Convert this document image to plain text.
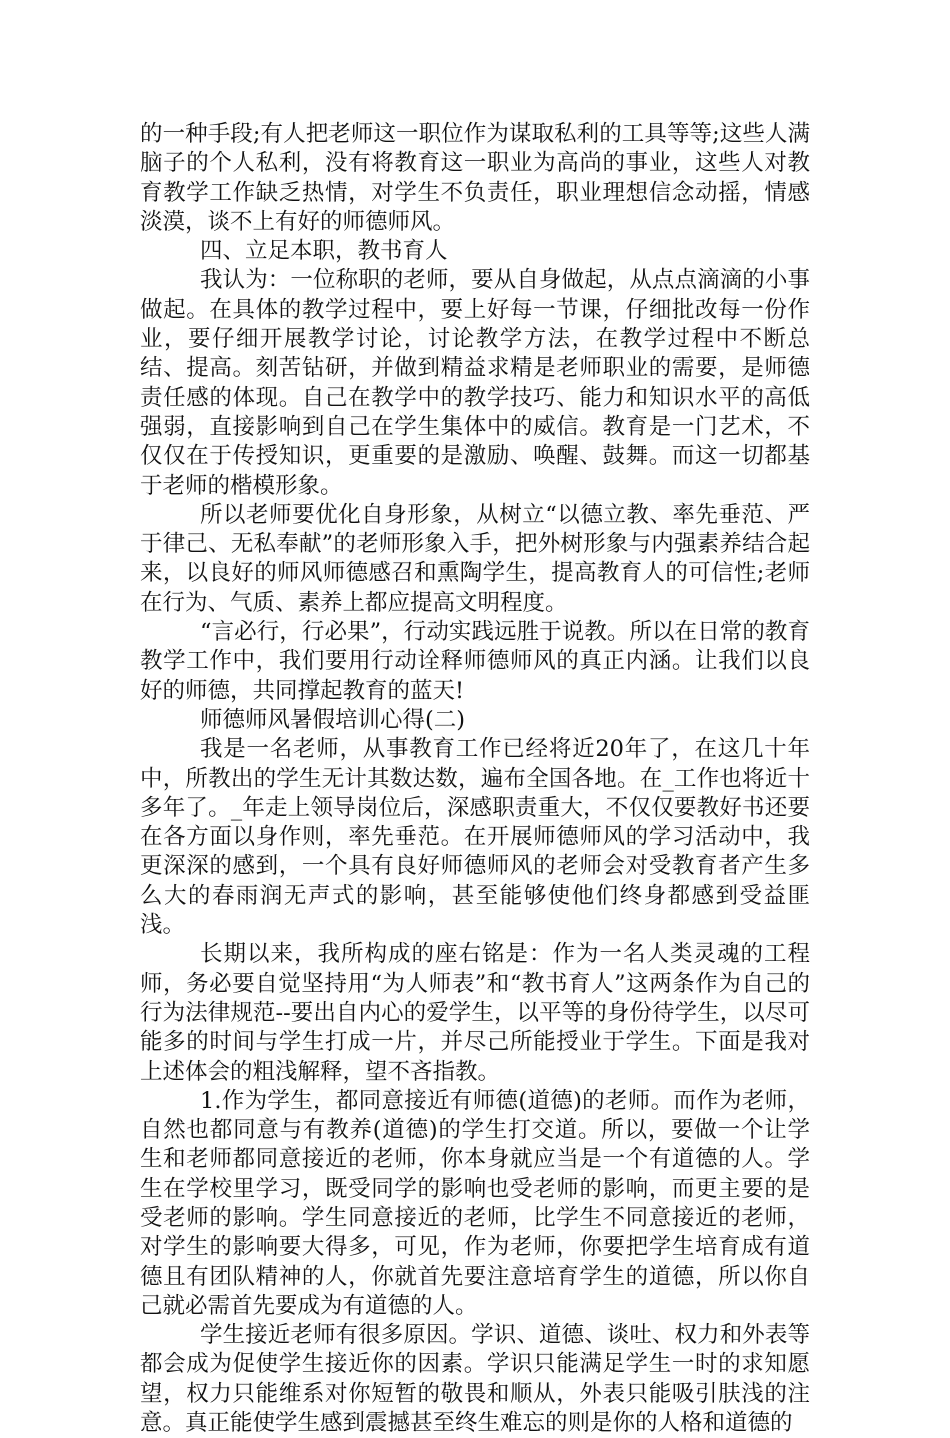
的一种手段;有人把老师这一职位作为谋取私利的工具等等;这些人满脑子的个人私利，没有将教育这一职业为高尚的事业，这些人对教育教学工作缺乏热情，对学生不负责任，职业理想信念动摇，情感淡漠，谈不上有好的师德师风。

四、立足本职，教书育人

我认为：一位称职的老师，要从自身做起，从点点滴滴的小事做起。在具体的教学过程中，要上好每一节课，仔细批改每一份作业，要仔细开展教学讨论，讨论教学方法，在教学过程中不断总结、提高。刻苦钻研，并做到精益求精是老师职业的需要，是师德责任感的体现。自己在教学中的教学技巧、能力和知识水平的高低强弱，直接影响到自己在学生集体中的威信。教育是一门艺术，不仅仅在于传授知识，更重要的是激励、唤醒、鼓舞。而这一切都基于老师的楷模形象。

所以老师要优化自身形象，从树立“以德立教、率先垂范、严于律己、无私奉献”的老师形象入手，把外树形象与内强素养结合起来，以良好的师风师德感召和熏陶学生，提高教育人的可信性;老师在行为、气质、素养上都应提高文明程度。

“言必行，行必果”，行动实践远胜于说教。所以在日常的教育教学工作中，我们要用行动诠释师德师风的真正内涵。让我们以良好的师德，共同撑起教育的蓝天!

师德师风暑假培训心得(二)

我是一名老师，从事教育工作已经将近20年了，在这几十年中，所教出的学生无计其数达数，遍布全国各地。在_工作也将近十多年了。_年走上领导岗位后，深感职责重大，不仅仅要教好书还要在各方面以身作则，率先垂范。在开展师德师风的学习活动中，我更深深的感到，一个具有良好师德师风的老师会对受教育者产生多么大的春雨润无声式的影响，甚至能够使他们终身都感到受益匪浅。

长期以来，我所构成的座右铭是：作为一名人类灵魂的工程师，务必要自觉坚持用“为人师表”和“教书育人”这两条作为自己的行为法律规范--要出自内心的爱学生，以平等的身份待学生，以尽可能多的时间与学生打成一片，并尽己所能授业于学生。下面是我对上述体会的粗浅解释，望不吝指教。

1.作为学生，都同意接近有师德(道德)的老师。而作为老师，自然也都同意与有教养(道德)的学生打交道。所以，要做一个让学生和老师都同意接近的老师，你本身就应当是一个有道德的人。学生在学校里学习，既受同学的影响也受老师的影响，而更主要的是受老师的影响。学生同意接近的老师，比学生不同意接近的老师，对学生的影响要大得多，可见，作为老师，你要把学生培育成有道德且有团队精神的人，你就首先要注意培育学生的道德，所以你自己就必需首先要成为有道德的人。

学生接近老师有很多原因。学识、道德、谈吐、权力和外表等都会成为促使学生接近你的因素。学识只能满足学生一时的求知愿望，权力只能维系对你短暂的敬畏和顺从，外表只能吸引肤浅的注意。真正能使学生感到震撼甚至终生难忘的则是你的人格和道德的
